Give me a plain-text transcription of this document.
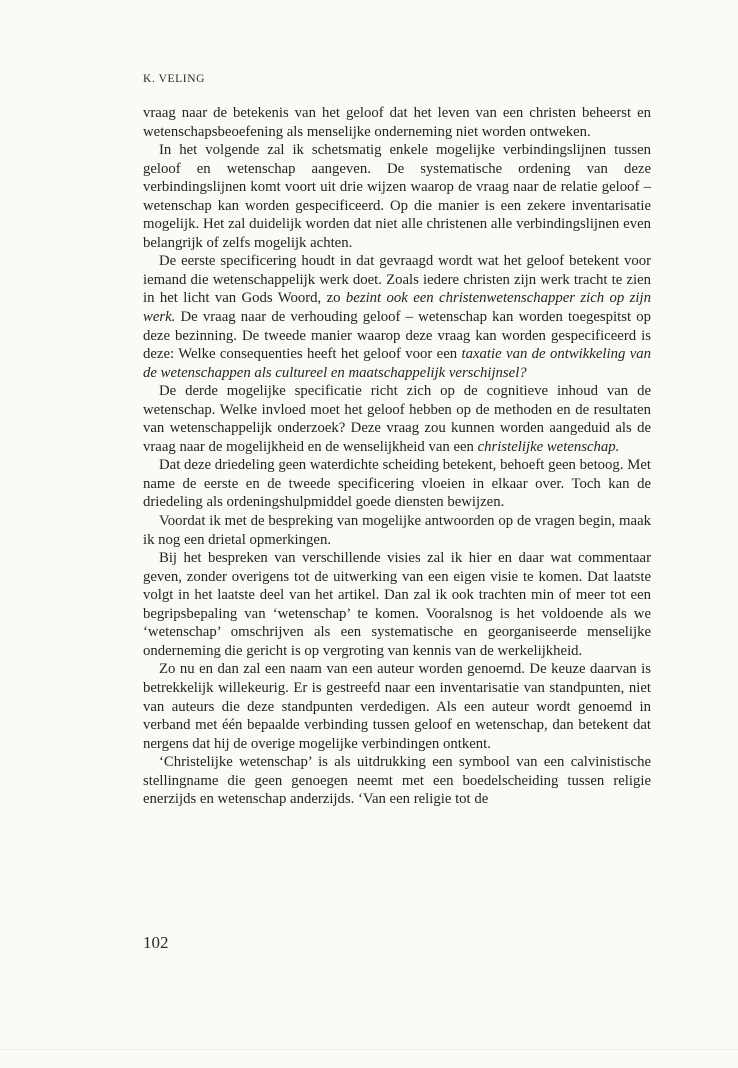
K. VELING

vraag naar de betekenis van het geloof dat het leven van een christen beheerst en wetenschapsbeoefening als menselijke onderneming niet worden ontweken.

In het volgende zal ik schetsmatig enkele mogelijke verbindingslijnen tussen geloof en wetenschap aangeven. De systematische ordening van deze verbindingslijnen komt voort uit drie wijzen waarop de vraag naar de relatie geloof – wetenschap kan worden gespecificeerd. Op die manier is een zekere inventarisatie mogelijk. Het zal duidelijk worden dat niet alle christenen alle verbindingslijnen even belangrijk of zelfs mogelijk achten.

De eerste specificering houdt in dat gevraagd wordt wat het geloof betekent voor iemand die wetenschappelijk werk doet. Zoals iedere christen zijn werk tracht te zien in het licht van Gods Woord, zo bezint ook een christenwetenschapper zich op zijn werk. De vraag naar de verhouding geloof – wetenschap kan worden toegespitst op deze bezinning. De tweede manier waarop deze vraag kan worden gespecificeerd is deze: Welke consequenties heeft het geloof voor een taxatie van de ontwikkeling van de wetenschappen als cultureel en maatschappelijk verschijnsel?

De derde mogelijke specificatie richt zich op de cognitieve inhoud van de wetenschap. Welke invloed moet het geloof hebben op de methoden en de resultaten van wetenschappelijk onderzoek? Deze vraag zou kunnen worden aangeduid als de vraag naar de mogelijkheid en de wenselijkheid van een christelijke wetenschap.

Dat deze driedeling geen waterdichte scheiding betekent, behoeft geen betoog. Met name de eerste en de tweede specificering vloeien in elkaar over. Toch kan de driedeling als ordeningshulpmiddel goede diensten bewijzen.

Voordat ik met de bespreking van mogelijke antwoorden op de vragen begin, maak ik nog een drietal opmerkingen.

Bij het bespreken van verschillende visies zal ik hier en daar wat commentaar geven, zonder overigens tot de uitwerking van een eigen visie te komen. Dat laatste volgt in het laatste deel van het artikel. Dan zal ik ook trachten min of meer tot een begripsbepaling van ‘wetenschap’ te komen. Vooralsnog is het voldoende als we ‘wetenschap’ omschrijven als een systematische en georganiseerde menselijke onderneming die gericht is op vergroting van kennis van de werkelijkheid.

Zo nu en dan zal een naam van een auteur worden genoemd. De keuze daarvan is betrekkelijk willekeurig. Er is gestreefd naar een inventarisatie van standpunten, niet van auteurs die deze standpunten verdedigen. Als een auteur wordt genoemd in verband met één bepaalde verbinding tussen geloof en wetenschap, dan betekent dat nergens dat hij de overige mogelijke verbindingen ontkent.

‘Christelijke wetenschap’ is als uitdrukking een symbool van een calvinistische stellingname die geen genoegen neemt met een boedelscheiding tussen religie enerzijds en wetenschap anderzijds. ‘Van een religie tot de

102
